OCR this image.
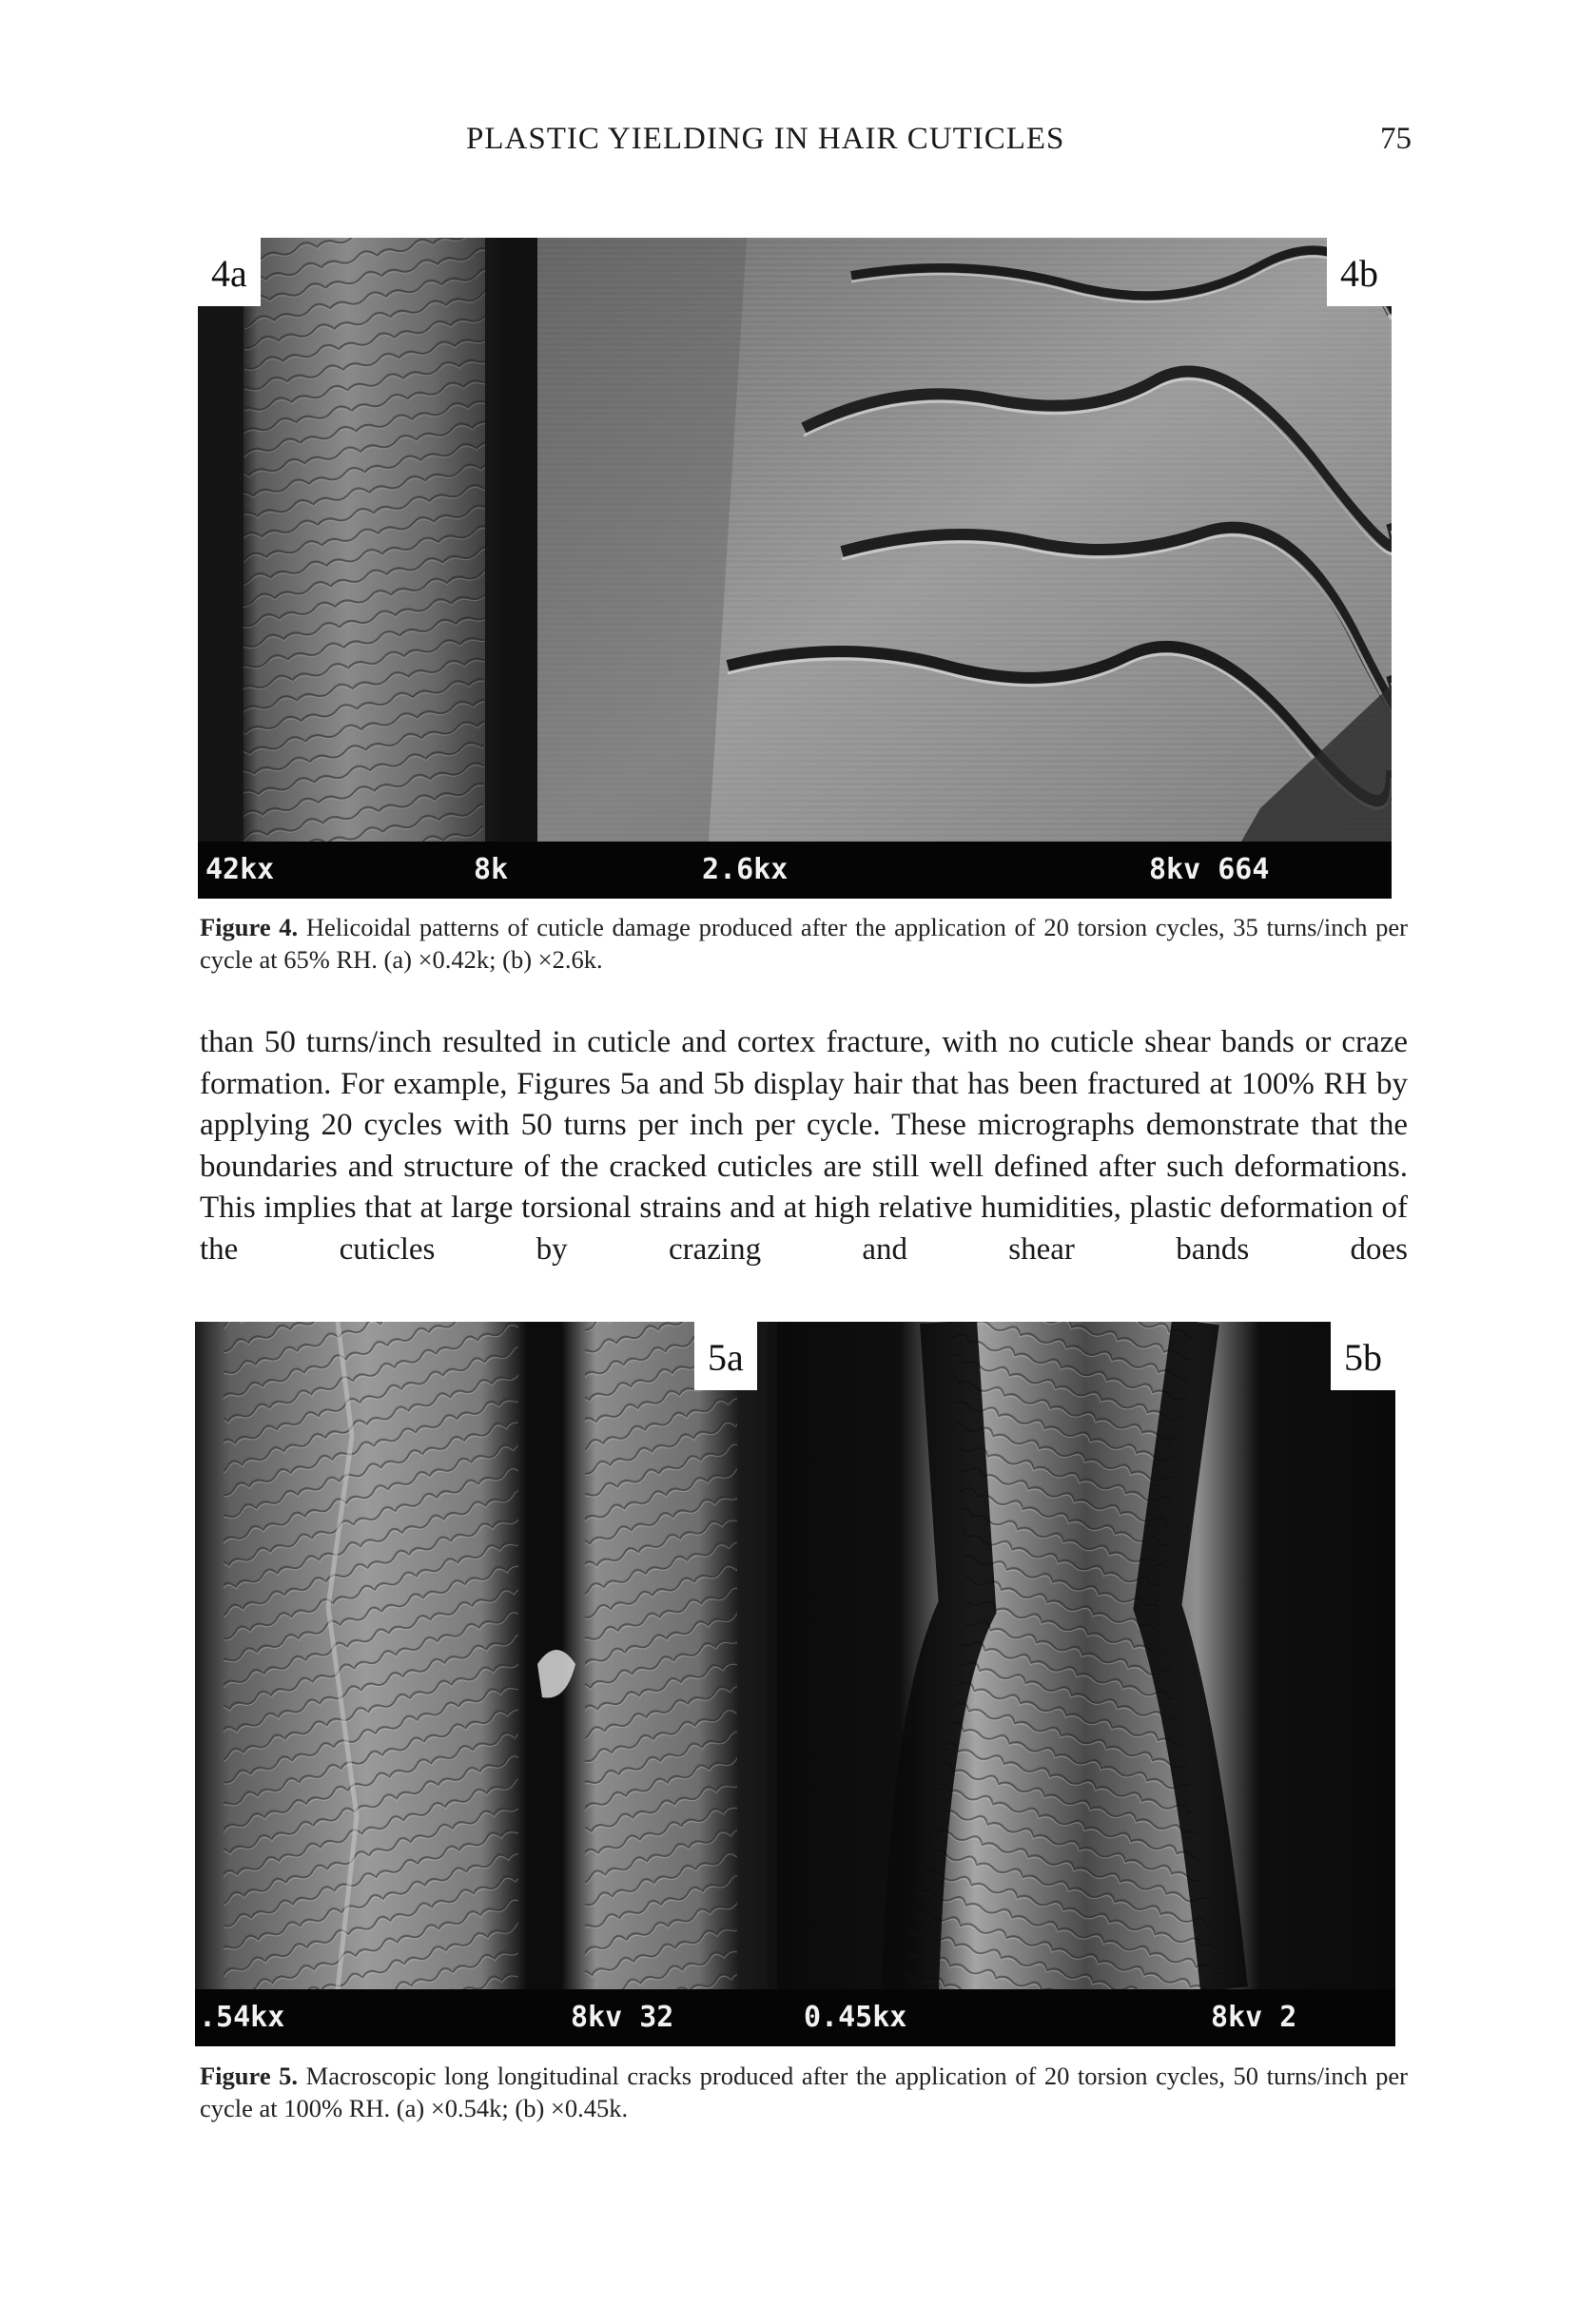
PLASTIC YIELDING IN HAIR CUTICLES	75
4a	4b
42kx	8k	2.6kx	8kv 664
Figure 4. Helicoidal patterns of cuticle damage produced after the application of 20 torsion cycles, 35 turns/inch per cycle at 65% RH. (a) ×0.42k; (b) ×2.6k.
than 50 turns/inch resulted in cuticle and cortex fracture, with no cuticle shear bands or craze formation. For example, Figures 5a and 5b display hair that has been fractured at 100% RH by applying 20 cycles with 50 turns per inch per cycle. These micrographs demonstrate that the boundaries and structure of the cracked cuticles are still well defined after such deformations. This implies that at large torsional strains and at high relative humidities, plastic deformation of the cuticles by crazing and shear bands does
5a	5b
.54kx	8kv 32	0.45kx	8kv 2
Figure 5. Macroscopic long longitudinal cracks produced after the application of 20 torsion cycles, 50 turns/inch per cycle at 100% RH. (a) ×0.54k; (b) ×0.45k.
